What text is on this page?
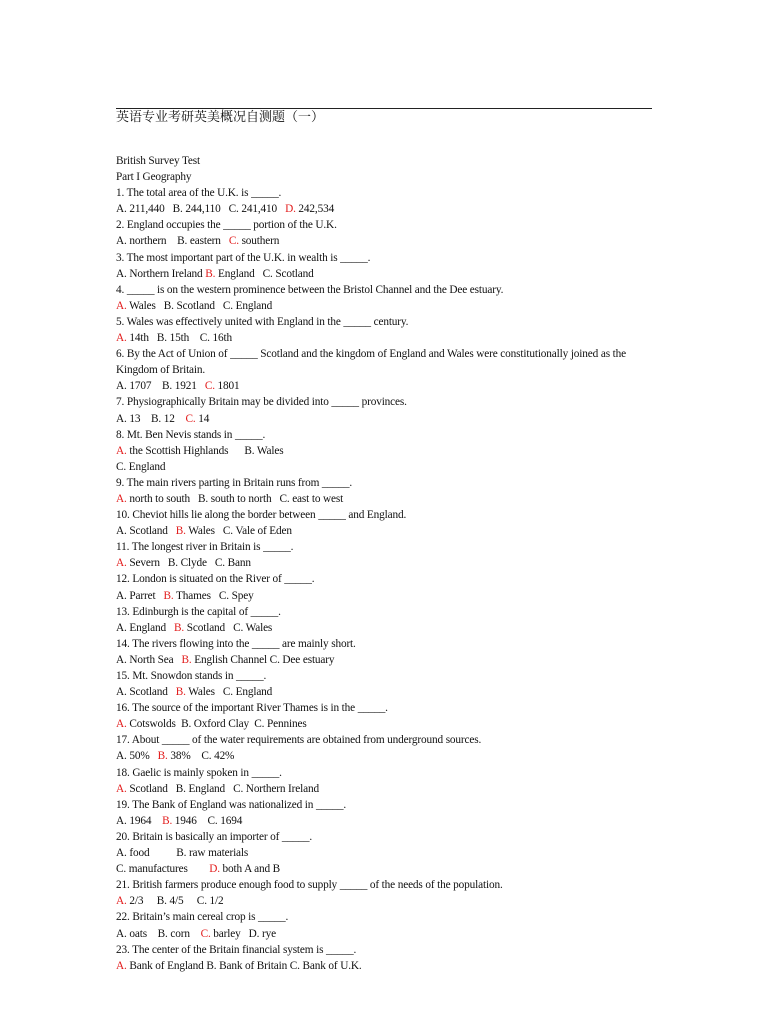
英语专业考研英美概况自测题（一）
British Survey Test
Part I Geography
1. The total area of the U.K. is _____.
A. 211,440   B. 244,110   C. 241,410   D. 242,534
2. England occupies the _____ portion of the U.K.
A. northern    B. eastern   C. southern
3. The most important part of the U.K. in wealth is _____.
A. Northern Ireland B. England   C. Scotland
4. _____ is on the western prominence between the Bristol Channel and the Dee estuary.
A. Wales   B. Scotland   C. England
5. Wales was effectively united with England in the _____ century.
A. 14th   B. 15th    C. 16th
6. By the Act of Union of _____ Scotland and the kingdom of England and Wales were constitutionally joined as the Kingdom of Britain.
A. 1707    B. 1921   C. 1801
7. Physiographically Britain may be divided into _____ provinces.
A. 13    B. 12    C. 14
8. Mt. Ben Nevis stands in _____.
A. the Scottish Highlands      B. Wales
C. England
9. The main rivers parting in Britain runs from _____.
A. north to south   B. south to north   C. east to west
10. Cheviot hills lie along the border between _____ and England.
A. Scotland   B. Wales   C. Vale of Eden
11. The longest river in Britain is _____.
A. Severn   B. Clyde   C. Bann
12. London is situated on the River of _____.
A. Parret   B. Thames   C. Spey
13. Edinburgh is the capital of _____.
A. England   B. Scotland   C. Wales
14. The rivers flowing into the _____ are mainly short.
A. North Sea   B. English Channel C. Dee estuary
15. Mt. Snowdon stands in _____.
A. Scotland   B. Wales   C. England
16. The source of the important River Thames is in the _____.
A. Cotswolds  B. Oxford Clay  C. Pennines
17. About _____ of the water requirements are obtained from underground sources.
A. 50%   B. 38%    C. 42%
18. Gaelic is mainly spoken in _____.
A. Scotland   B. England   C. Northern Ireland
19. The Bank of England was nationalized in _____.
A. 1964    B. 1946    C. 1694
20. Britain is basically an importer of _____.
A. food          B. raw materials
C. manufactures        D. both A and B
21. British farmers produce enough food to supply _____ of the needs of the population.
A. 2/3     B. 4/5     C. 1/2
22. Britain’s main cereal crop is _____.
A. oats    B. corn    C. barley   D. rye
23. The center of the Britain financial system is _____.
A. Bank of England B. Bank of Britain C. Bank of U.K.
